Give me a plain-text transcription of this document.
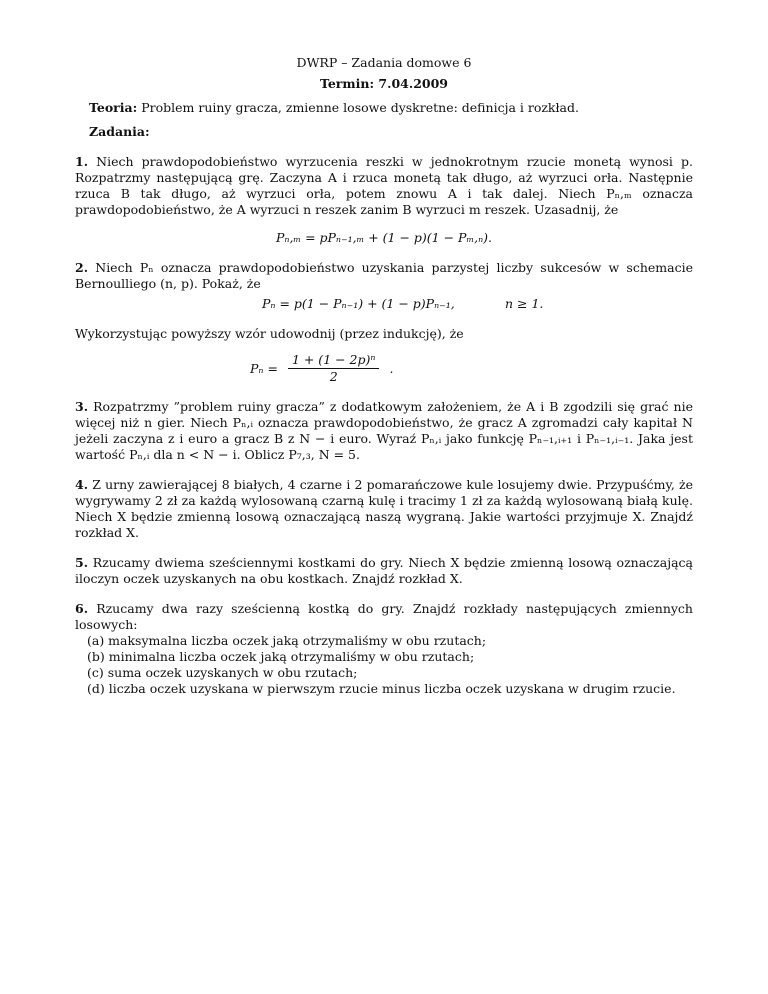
DWRP – Zadania domowe 6
Termin: 7.04.2009
Teoria: Problem ruiny gracza, zmienne losowe dyskretne: definicja i rozkład.
Zadania:

1. Niech prawdopodobieństwo wyrzucenia reszki w jednokrotnym rzucie monetą wynosi p. Rozpatrzmy następującą grę. Zaczyna A i rzuca monetą tak długo, aż wyrzuci orła. Następnie rzuca B tak długo, aż wyrzuci orła, potem znowu A i tak dalej. Niech Pₙ,ₘ oznacza prawdopodobieństwo, że A wyrzuci n reszek zanim B wyrzuci m reszek. Uzasadnij, że

Pₙ,ₘ = pPₙ₋₁,ₘ + (1 − p)(1 − Pₘ,ₙ).

2. Niech Pₙ oznacza prawdopodobieństwo uzyskania parzystej liczby sukcesów w schemacie Bernoulliego (n, p). Pokaż, że

Pₙ = p(1 − Pₙ₋₁) + (1 − p)Pₙ₋₁,	n ≥ 1.

Wykorzystując powyższy wzór udowodnij (przez indukcję), że

$P_n = \frac{\text{1 + (1 − 2p)ⁿ}}{2}$ .

3. Rozpatrzmy ”problem ruiny gracza” z dodatkowym założeniem, że A i B zgodzili się grać nie więcej niż n gier. Niech Pₙ,ᵢ oznacza prawdopodobieństwo, że gracz A zgromadzi cały kapitał N jeżeli zaczyna z i euro a gracz B z N − i euro. Wyraź Pₙ,ᵢ jako funkcję Pₙ₋₁,ᵢ₊₁ i Pₙ₋₁,ᵢ₋₁. Jaka jest wartość Pₙ,ᵢ dla n < N − i. Oblicz P₇,₃, N = 5.

4. Z urny zawierającej 8 białych, 4 czarne i 2 pomarańczowe kule losujemy dwie. Przypuśćmy, że wygrywamy 2 zł za każdą wylosowaną czarną kulę i tracimy 1 zł za każdą wylosowaną białą kulę. Niech X będzie zmienną losową oznaczającą naszą wygraną. Jakie wartości przyjmuje X. Znajdź rozkład X.

5. Rzucamy dwiema sześciennymi kostkami do gry. Niech X będzie zmienną losową oznaczającą iloczyn oczek uzyskanych na obu kostkach. Znajdź rozkład X.

6. Rzucamy dwa razy sześcienną kostką do gry. Znajdź rozkłady następujących zmiennych losowych:

(a) maksymalna liczba oczek jaką otrzymaliśmy w obu rzutach;
(b) minimalna liczba oczek jaką otrzymaliśmy w obu rzutach;
(c) suma oczek uzyskanych w obu rzutach;
(d) liczba oczek uzyskana w pierwszym rzucie minus liczba oczek uzyskana w drugim rzucie.
